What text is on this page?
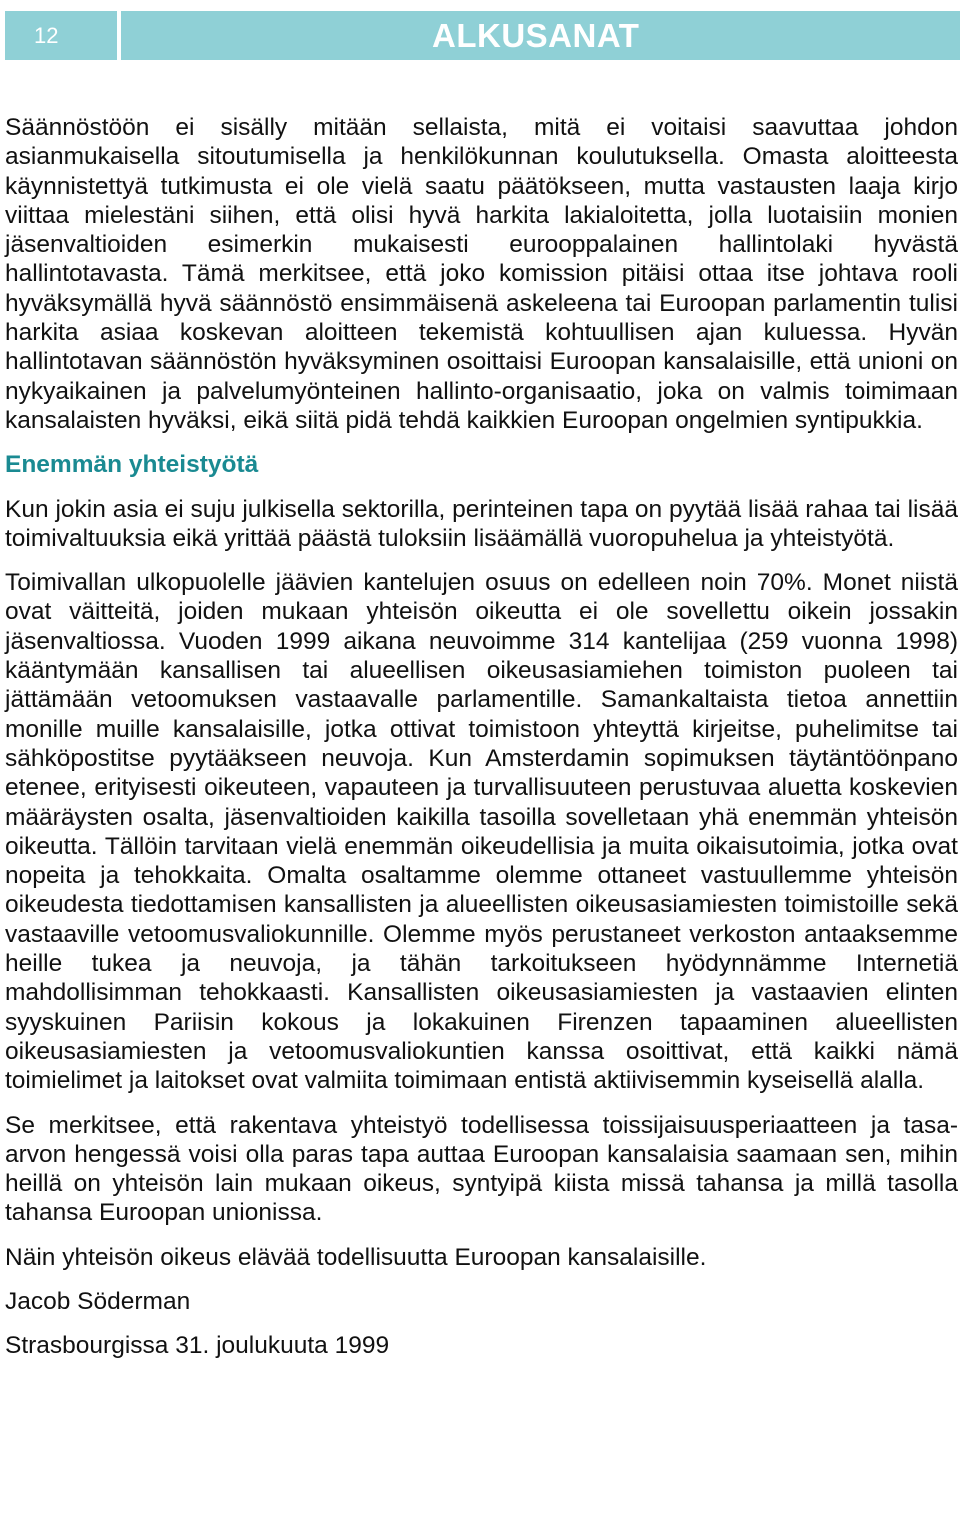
12	ALKUSANAT

Säännöstöön ei sisälly mitään sellaista, mitä ei voitaisi saavuttaa johdon asianmukaisella sitoutumisella ja henkilökunnan koulutuksella. Omasta aloitteesta käynnistettyä tutkimusta ei ole vielä saatu päätökseen, mutta vastausten laaja kirjo viittaa mielestäni siihen, että olisi hyvä harkita lakialoitetta, jolla luotaisiin monien jäsenvaltioiden esimerkin mukaisesti eurooppalainen hallintolaki hyvästä hallintotavasta. Tämä merkitsee, että joko komission pitäisi ottaa itse johtava rooli hyväksymällä hyvä säännöstö ensimmäisenä askeleena tai Euroopan parlamentin tulisi harkita asiaa koskevan aloitteen tekemistä kohtuullisen ajan kuluessa. Hyvän hallintotavan säännöstön hyväksyminen osoittaisi Euroopan kansalaisille, että unioni on nykyaikainen ja palvelumyönteinen hallinto-organisaatio, joka on valmis toimimaan kansalaisten hyväksi, eikä siitä pidä tehdä kaikkien Euroopan ongelmien syntipukkia.

Enemmän yhteistyötä

Kun jokin asia ei suju julkisella sektorilla, perinteinen tapa on pyytää lisää rahaa tai lisää toimivaltuuksia eikä yrittää päästä tuloksiin lisäämällä vuoropuhelua ja yhteistyötä.

Toimivallan ulkopuolelle jäävien kantelujen osuus on edelleen noin 70%. Monet niistä ovat väitteitä, joiden mukaan yhteisön oikeutta ei ole sovellettu oikein jossakin jäsenvaltiossa. Vuoden 1999 aikana neuvoimme 314 kantelijaa (259 vuonna 1998) kääntymään kansallisen tai alueellisen oikeusasiamiehen toimiston puoleen tai jättämään vetoomuksen vastaavalle parlamentille. Samankaltaista tietoa annettiin monille muille kansalaisille, jotka ottivat toimistoon yhteyttä kirjeitse, puhelimitse tai sähköpostitse pyytääkseen neuvoja. Kun Amsterdamin sopimuksen täytäntöönpano etenee, erityisesti oikeuteen, vapauteen ja turvallisuuteen perustuvaa aluetta koskevien määräysten osalta, jäsenvaltioiden kaikilla tasoilla sovelletaan yhä enemmän yhteisön oikeutta. Tällöin tarvitaan vielä enemmän oikeudellisia ja muita oikaisutoimia, jotka ovat nopeita ja tehokkaita. Omalta osaltamme olemme ottaneet vastuullemme yhteisön oikeudesta tiedottamisen kansallisten ja alueellisten oikeusasiamiesten toimistoille sekä vastaaville vetoomusvaliokunnille. Olemme myös perustaneet verkoston antaaksemme heille tukea ja neuvoja, ja tähän tarkoitukseen hyödynnämme Internetiä mahdollisimman tehokkaasti. Kansallisten oikeusasiamiesten ja vastaavien elinten syyskuinen Pariisin kokous ja lokakuinen Firenzen tapaaminen alueellisten oikeusasiamiesten ja vetoomusvaliokuntien kanssa osoittivat, että kaikki nämä toimielimet ja laitokset ovat valmiita toimimaan entistä aktiivisemmin kyseisellä alalla.

Se merkitsee, että rakentava yhteistyö todellisessa toissijaisuusperiaatteen ja tasa-arvon hengessä voisi olla paras tapa auttaa Euroopan kansalaisia saamaan sen, mihin heillä on yhteisön lain mukaan oikeus, syntyipä kiista missä tahansa ja millä tasolla tahansa Euroopan unionissa.

Näin yhteisön oikeus elävää todellisuutta Euroopan kansalaisille.

Jacob Söderman

Strasbourgissa 31. joulukuuta 1999
